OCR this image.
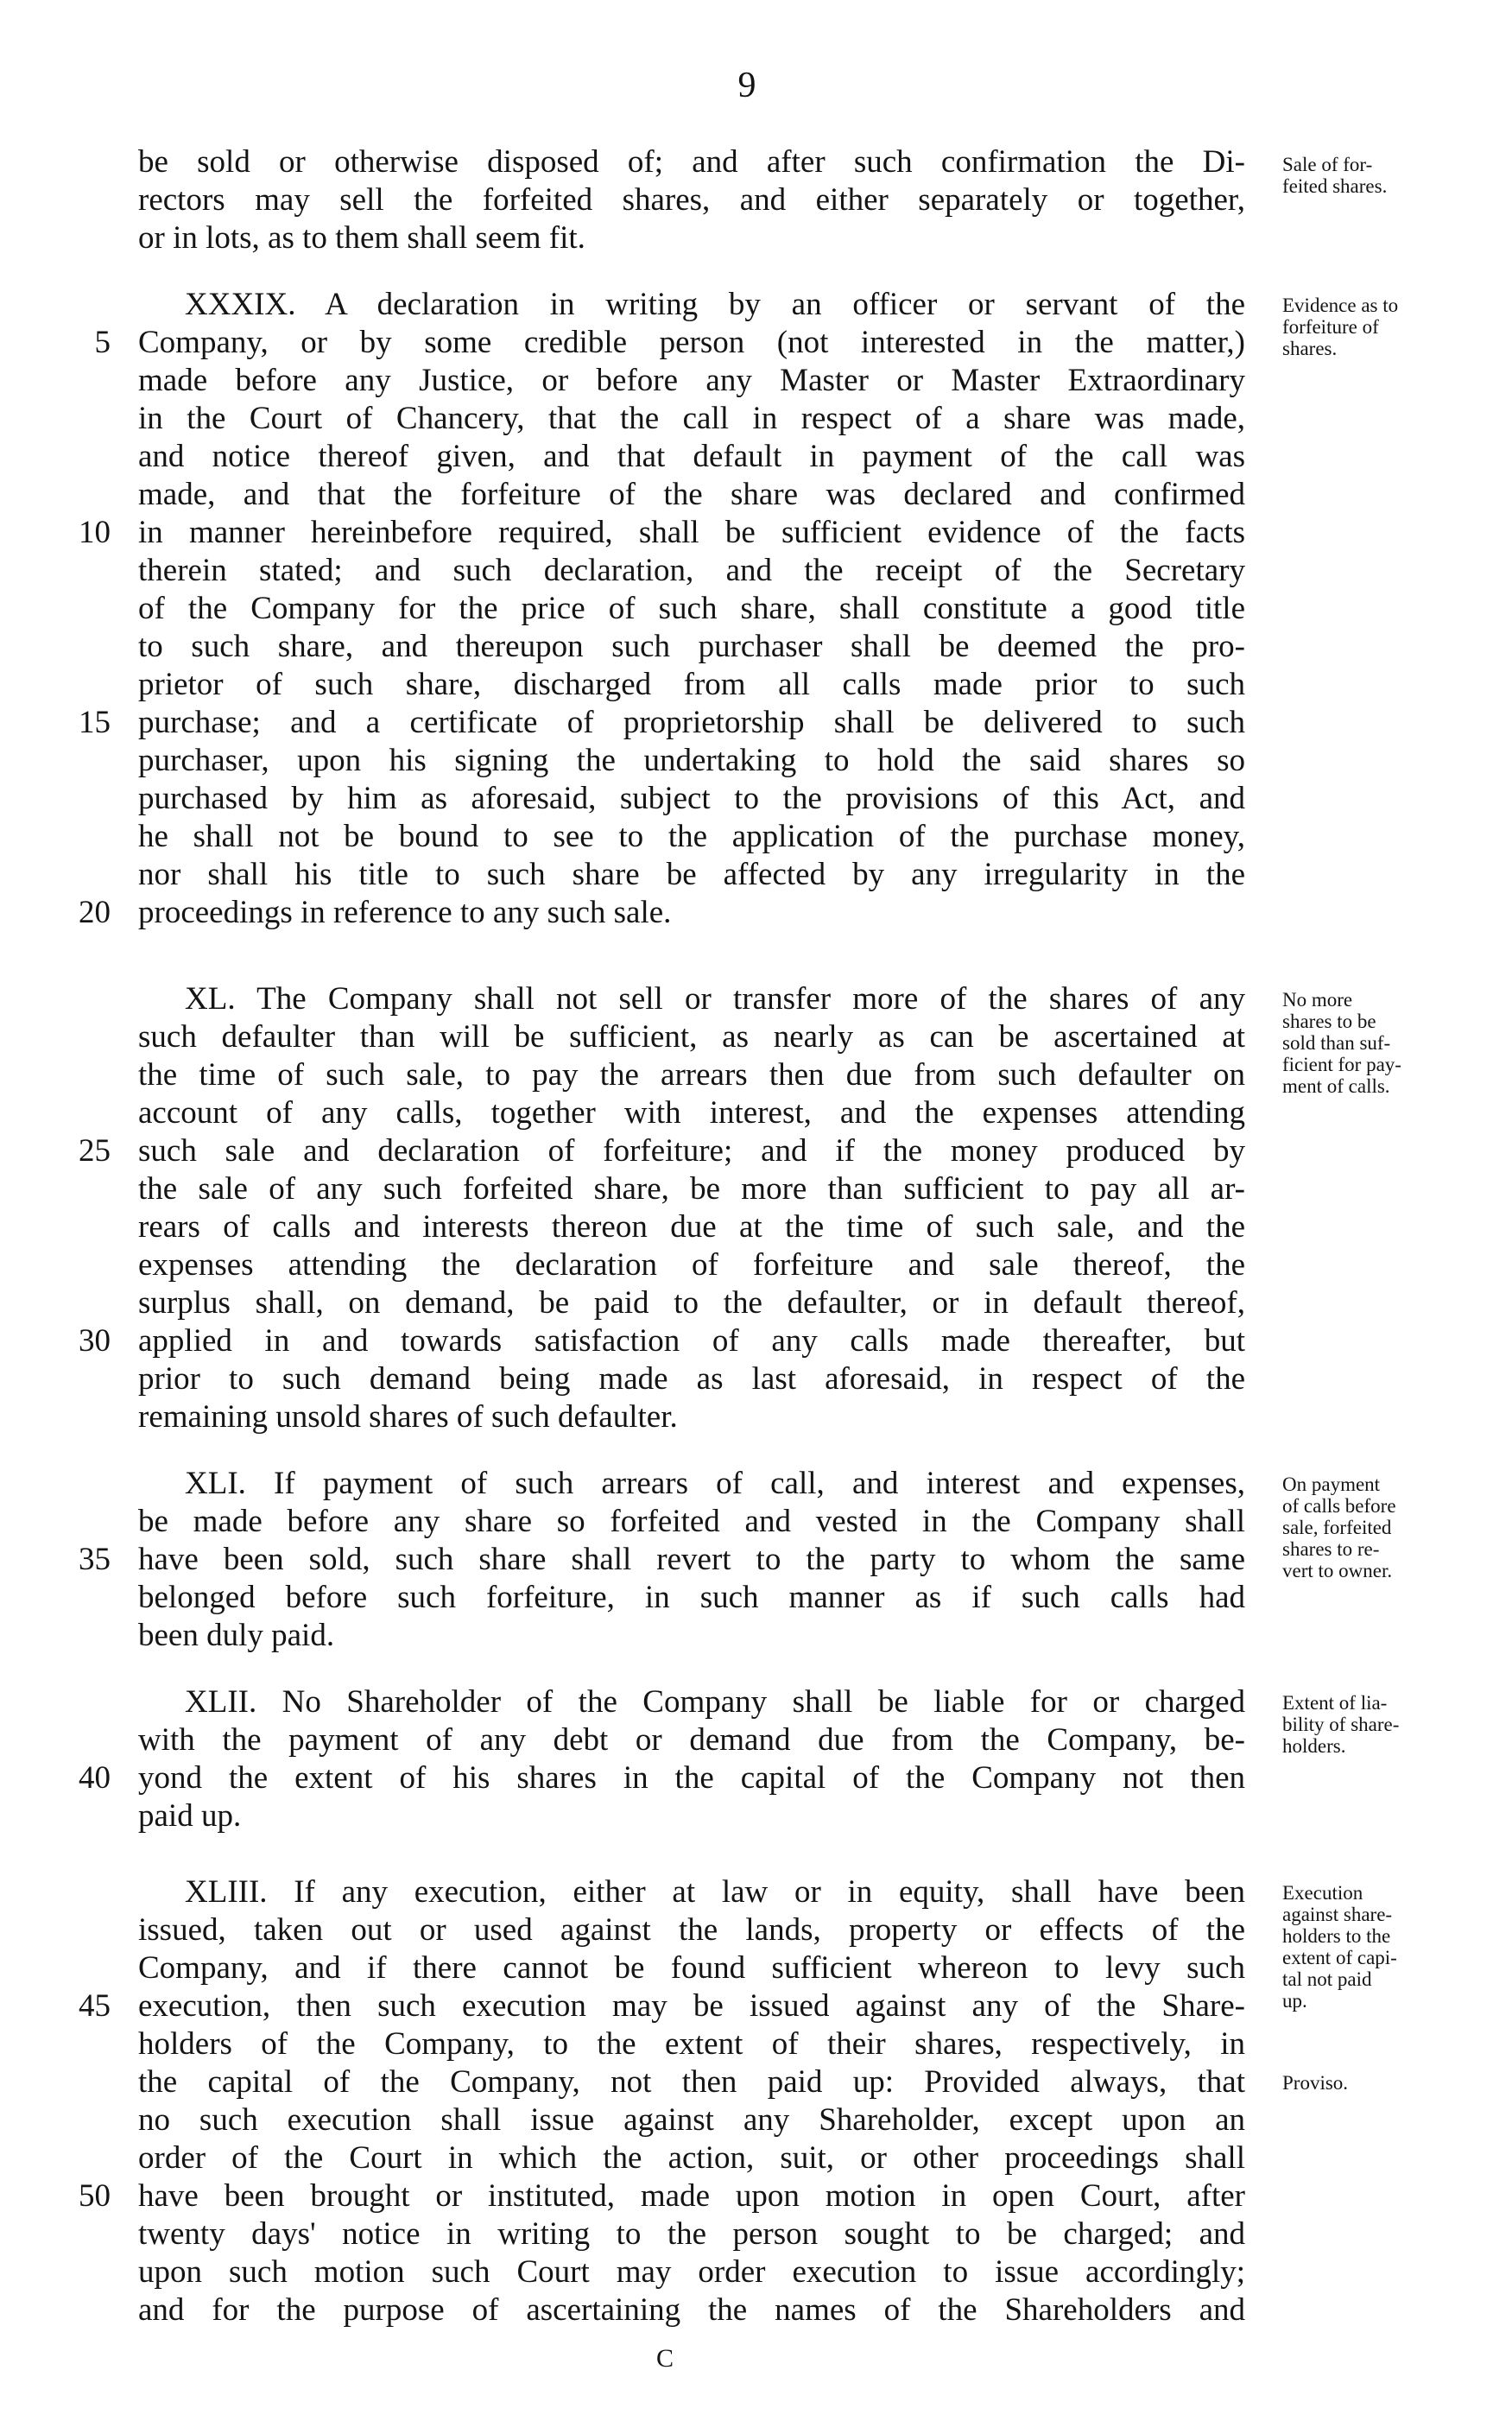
9
5
10
15
20
25
30
35
40
45
50
be sold or otherwise disposed of; and after such confirmation the Di-
rectors may sell the forfeited shares, and either separately or together,
or in lots, as to them shall seem fit.
XXXIX. A declaration in writing by an officer or servant of the
Company, or by some credible person (not interested in the matter,)
made before any Justice, or before any Master or Master Extraordinary
in the Court of Chancery, that the call in respect of a share was made,
and notice thereof given, and that default in payment of the call was
made, and that the forfeiture of the share was declared and confirmed
in manner hereinbefore required, shall be sufficient evidence of the facts
therein stated; and such declaration, and the receipt of the Secretary
of the Company for the price of such share, shall constitute a good title
to such share, and thereupon such purchaser shall be deemed the pro-
prietor of such share, discharged from all calls made prior to such
purchase; and a certificate of proprietorship shall be delivered to such
purchaser, upon his signing the undertaking to hold the said shares so
purchased by him as aforesaid, subject to the provisions of this Act, and
he shall not be bound to see to the application of the purchase money,
nor shall his title to such share be affected by any irregularity in the
proceedings in reference to any such sale.
XL. The Company shall not sell or transfer more of the shares of any
such defaulter than will be sufficient, as nearly as can be ascertained at
the time of such sale, to pay the arrears then due from such defaulter on
account of any calls, together with interest, and the expenses attending
such sale and declaration of forfeiture; and if the money produced by
the sale of any such forfeited share, be more than sufficient to pay all ar-
rears of calls and interests thereon due at the time of such sale, and the
expenses attending the declaration of forfeiture and sale thereof, the
surplus shall, on demand, be paid to the defaulter, or in default thereof,
applied in and towards satisfaction of any calls made thereafter, but
prior to such demand being made as last aforesaid, in respect of the
remaining unsold shares of such defaulter.
XLI. If payment of such arrears of call, and interest and expenses,
be made before any share so forfeited and vested in the Company shall
have been sold, such share shall revert to the party to whom the same
belonged before such forfeiture, in such manner as if such calls had
been duly paid.
XLII. No Shareholder of the Company shall be liable for or charged
with the payment of any debt or demand due from the Company, be-
yond the extent of his shares in the capital of the Company not then
paid up.
XLIII. If any execution, either at law or in equity, shall have been
issued, taken out or used against the lands, property or effects of the
Company, and if there cannot be found sufficient whereon to levy such
execution, then such execution may be issued against any of the Share-
holders of the Company, to the extent of their shares, respectively, in
the capital of the Company, not then paid up: Provided always, that
no such execution shall issue against any Shareholder, except upon an
order of the Court in which the action, suit, or other proceedings shall
have been brought or instituted, made upon motion in open Court, after
twenty days' notice in writing to the person sought to be charged; and
upon such motion such Court may order execution to issue accordingly;
and for the purpose of ascertaining the names of the Shareholders and
Sale of for-
feited shares.
Evidence as to
forfeiture of
shares.
No more
shares to be
sold than suf-
ficient for pay-
ment of calls.
On payment
of calls before
sale, forfeited
shares to re-
vert to owner.
Extent of lia-
bility of share-
holders.
Execution
against share-
holders to the
extent of capi-
tal not paid
up.
Proviso.
C
